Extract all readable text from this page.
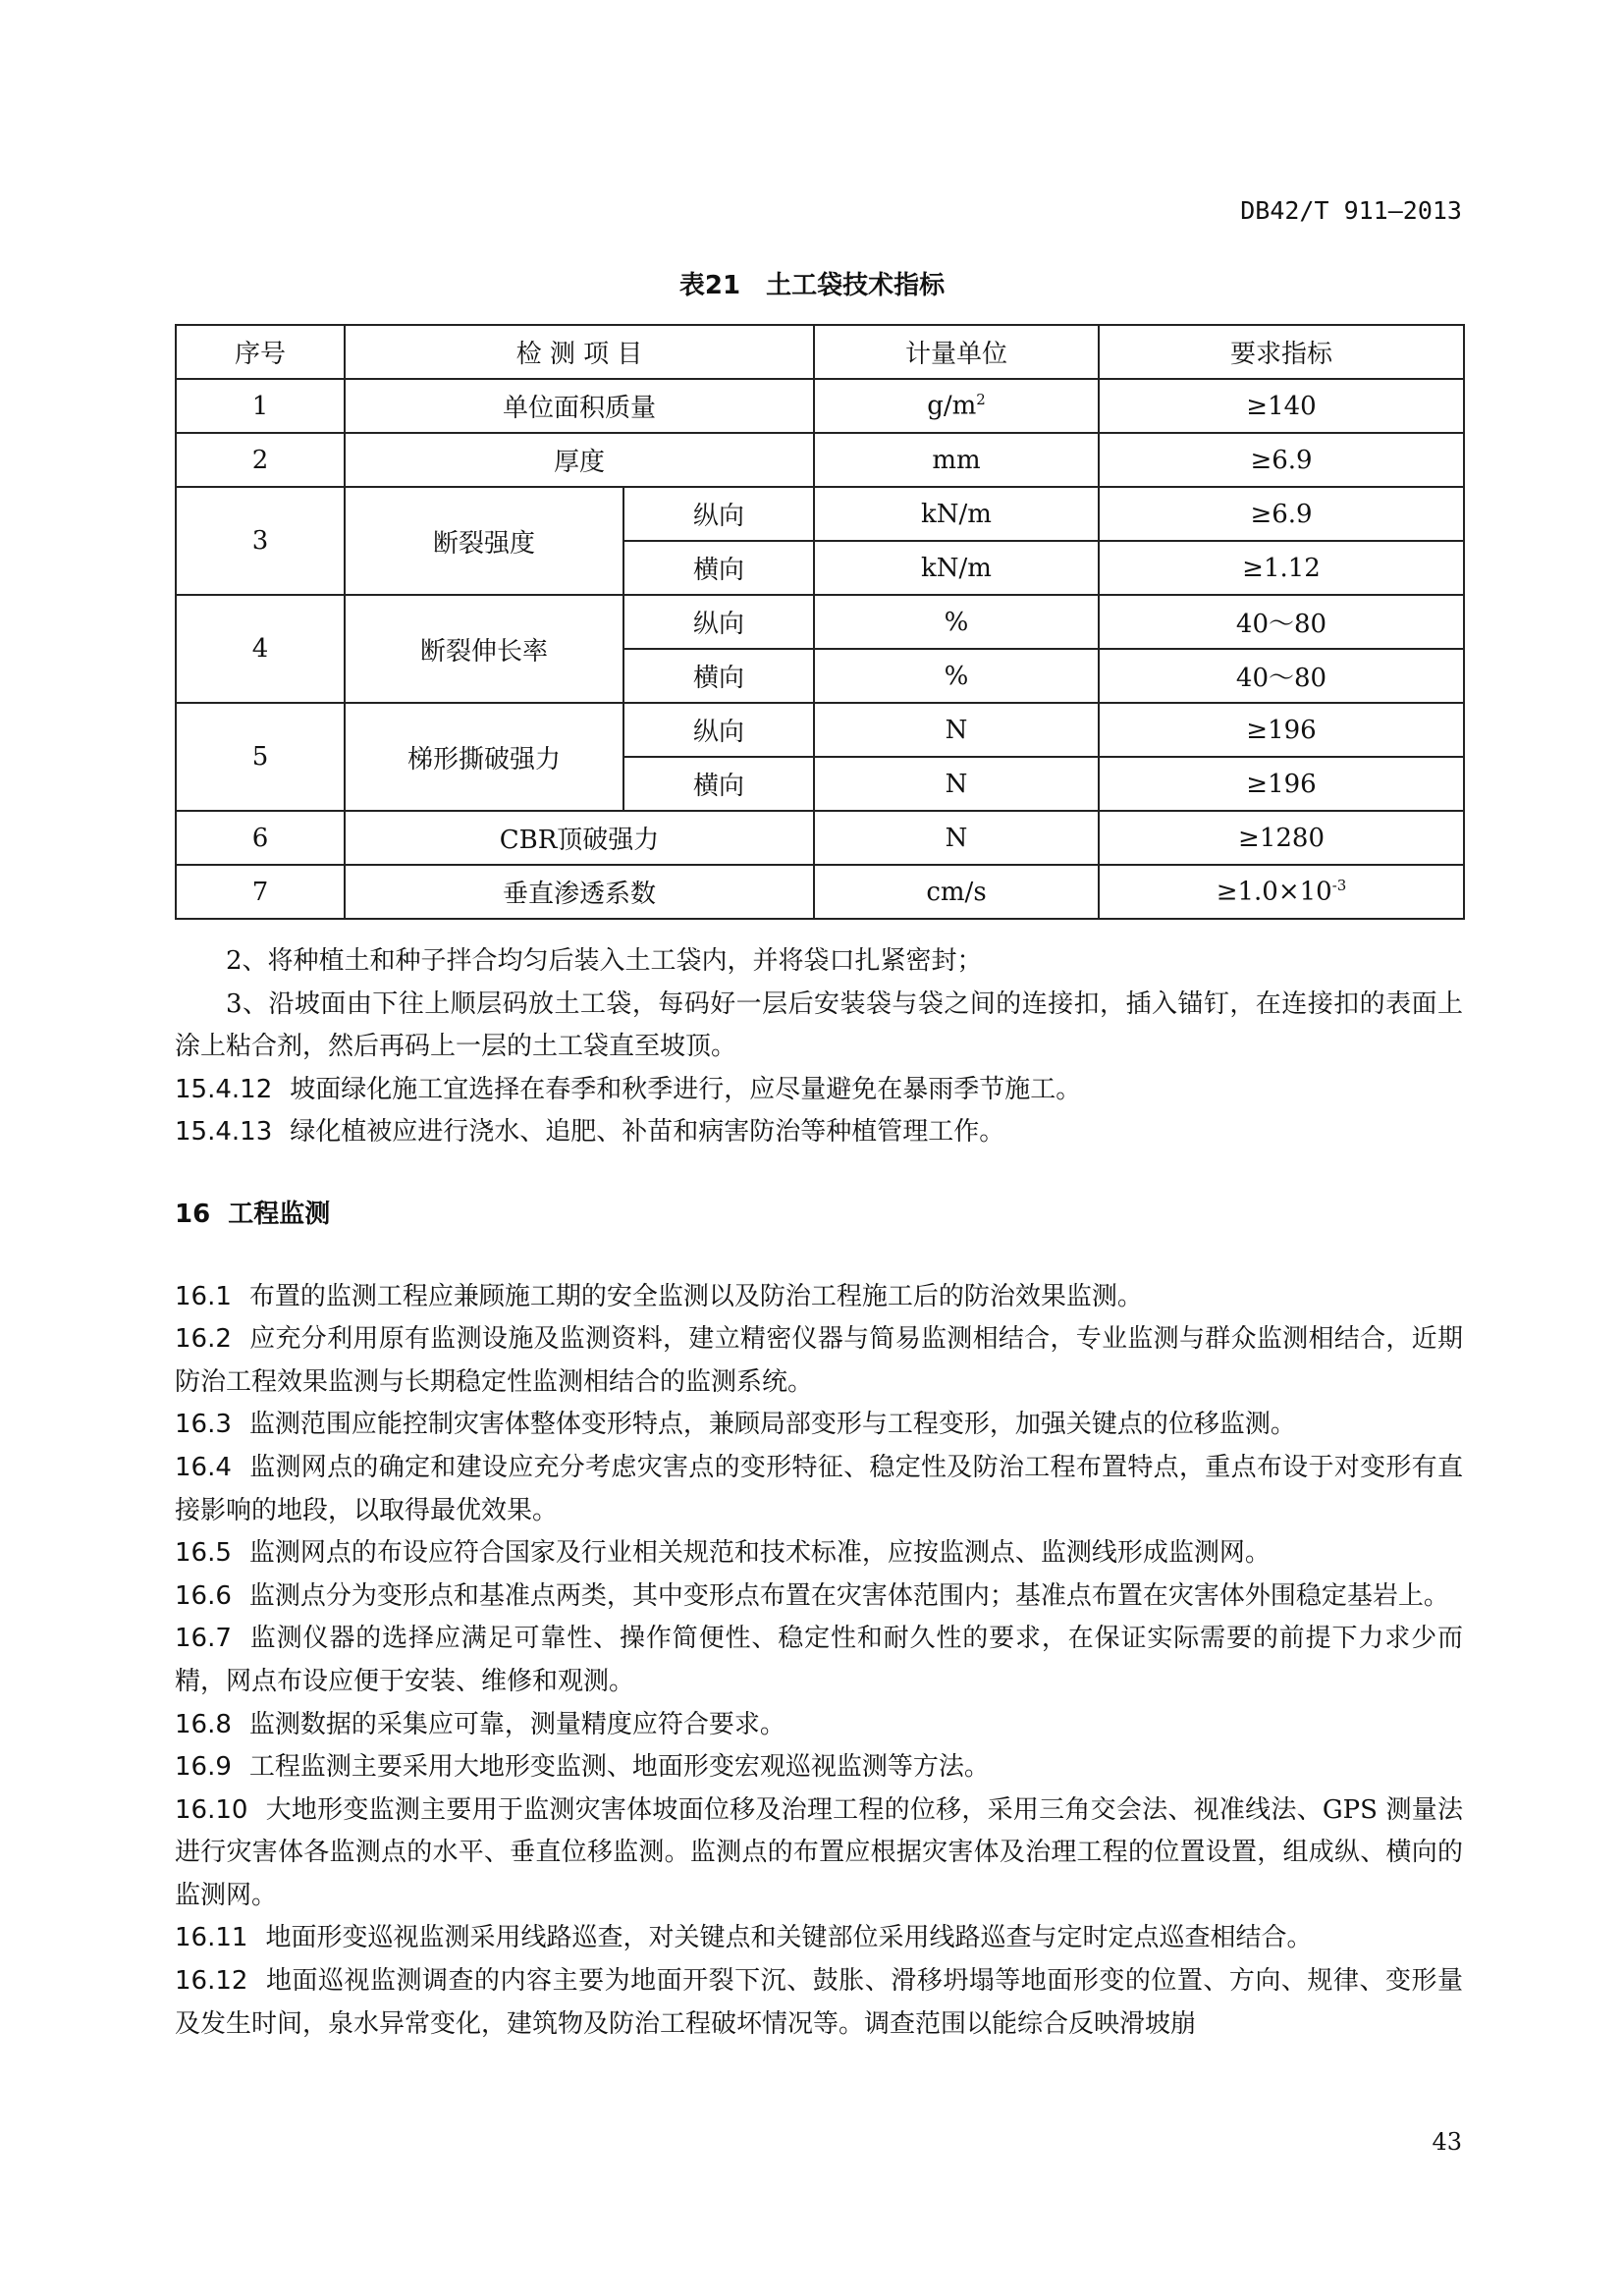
DB42/T 911—2013
表21　土工袋技术指标
序号	检 测 项 目		计量单位	要求指标
1	单位面积质量		$g/m^2$	≥140
2	厚度		mm	≥6.9
3	断裂强度	纵向	kN/m	≥6.9
		横向	kN/m	≥1.12
4	断裂伸长率	纵向	%	40～80
		横向	%	40～80
5	梯形撕破强力	纵向	N	≥196
		横向	N	≥196
6	CBR顶破强力		N	≥1280
7	垂直渗透系数		cm/s	$\ge 1.0\times 10^{-3}$

2、将种植土和种子拌合均匀后装入土工袋内，并将袋口扎紧密封；

3、沿坡面由下往上顺层码放土工袋，每码好一层后安装袋与袋之间的连接扣，插入锚钉，在连接扣的表面上涂上粘合剂，然后再码上一层的土工袋直至坡顶。

15.4.12 坡面绿化施工宜选择在春季和秋季进行，应尽量避免在暴雨季节施工。

15.4.13 绿化植被应进行浇水、追肥、补苗和病害防治等种植管理工作。

16 工程监测

16.1 布置的监测工程应兼顾施工期的安全监测以及防治工程施工后的防治效果监测。

16.2 应充分利用原有监测设施及监测资料，建立精密仪器与简易监测相结合，专业监测与群众监测相结合，近期防治工程效果监测与长期稳定性监测相结合的监测系统。

16.3 监测范围应能控制灾害体整体变形特点，兼顾局部变形与工程变形，加强关键点的位移监测。

16.4 监测网点的确定和建设应充分考虑灾害点的变形特征、稳定性及防治工程布置特点，重点布设于对变形有直接影响的地段，以取得最优效果。

16.5 监测网点的布设应符合国家及行业相关规范和技术标准，应按监测点、监测线形成监测网。

16.6 监测点分为变形点和基准点两类，其中变形点布置在灾害体范围内；基准点布置在灾害体外围稳定基岩上。

16.7 监测仪器的选择应满足可靠性、操作简便性、稳定性和耐久性的要求，在保证实际需要的前提下力求少而精，网点布设应便于安装、维修和观测。

16.8 监测数据的采集应可靠，测量精度应符合要求。

16.9 工程监测主要采用大地形变监测、地面形变宏观巡视监测等方法。

16.10 大地形变监测主要用于监测灾害体坡面位移及治理工程的位移，采用三角交会法、视准线法、GPS 测量法进行灾害体各监测点的水平、垂直位移监测。监测点的布置应根据灾害体及治理工程的位置设置，组成纵、横向的监测网。

16.11 地面形变巡视监测采用线路巡查，对关键点和关键部位采用线路巡查与定时定点巡查相结合。

16.12 地面巡视监测调查的内容主要为地面开裂下沉、鼓胀、滑移坍塌等地面形变的位置、方向、规律、变形量及发生时间，泉水异常变化，建筑物及防治工程破坏情况等。调查范围以能综合反映滑坡崩

43
